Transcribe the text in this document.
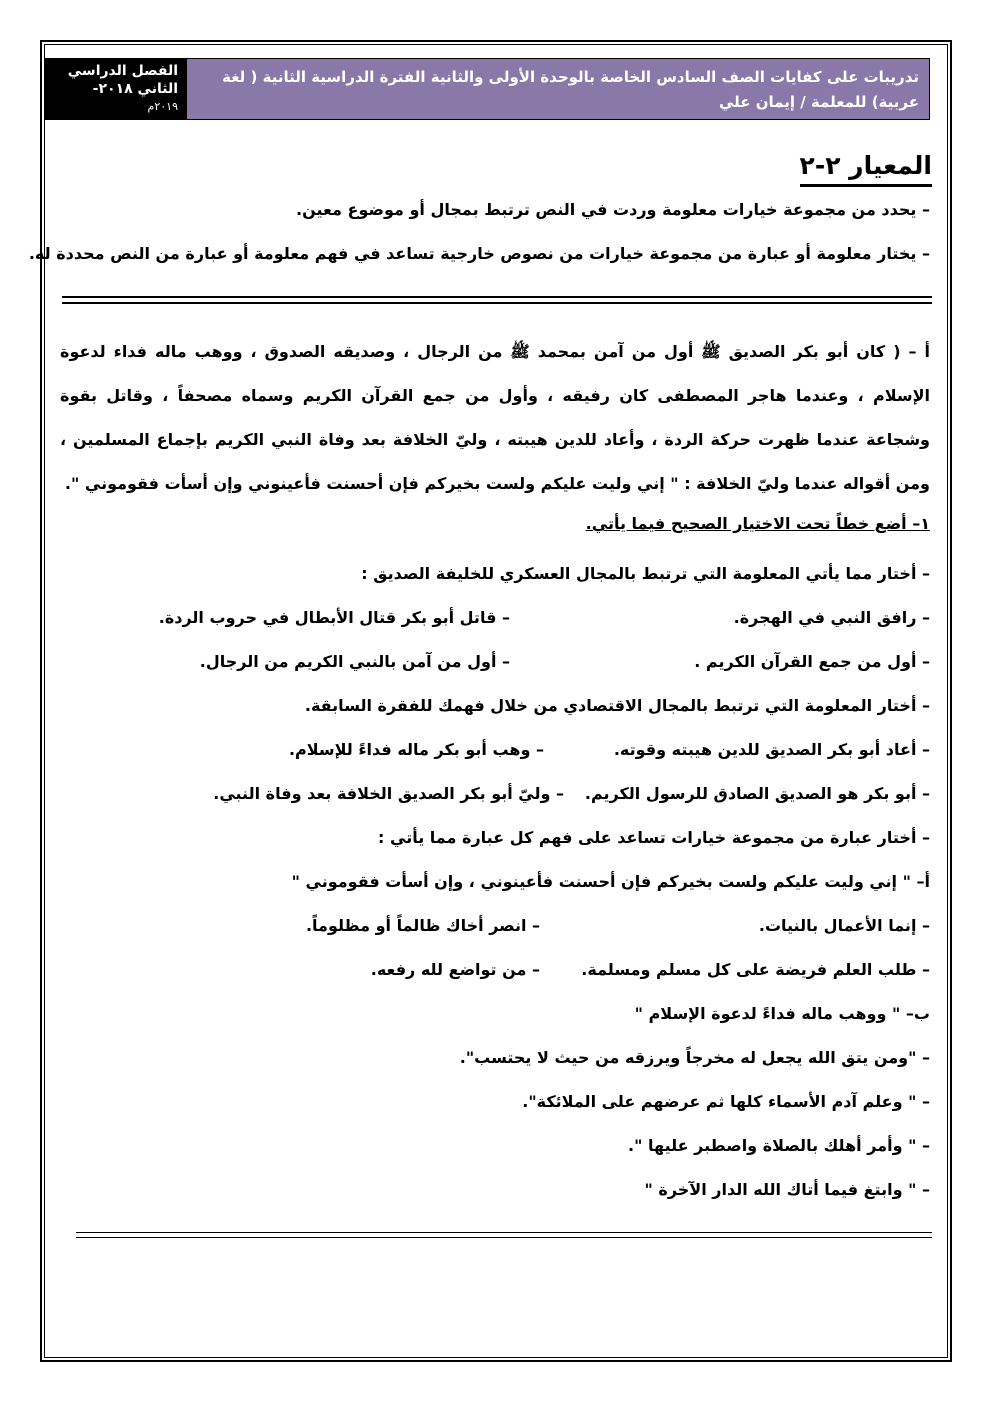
تدريبات على كفايات الصف السادس الخاصة بالوحدة الأولى والثانية الفترة الدراسية الثانية ( لغة عربية) للمعلمة / إيمان علي
الفصل الدراسي
الثاني ٢٠١٨-
٢٠١٩م
المعيار ٢-٢
– يحدد من مجموعة خيارات معلومة وردت في النص ترتبط بمجال أو موضوع معين.
– يختار معلومة أو عبارة من مجموعة خيارات من نصوص خارجية تساعد في فهم معلومة أو عبارة من النص محددة له.
أ – ( كان أبو بكر الصديق ﷺ أول من آمن بمحمد ﷺ من الرجال ، وصديقه الصدوق ، ووهب ماله فداء لدعوة الإسلام ، وعندما هاجر المصطفى كان رفيقه ، وأول من جمع القرآن الكريم وسماه مصحفاً ، وقاتل بقوة وشجاعة عندما ظهرت حركة الردة ، وأعاد للدين هيبته ، وليّ الخلافة بعد وفاة النبي الكريم بإجماع المسلمين ، ومن أقواله عندما وليّ الخلافة : " إني وليت عليكم ولست بخيركم فإن أحسنت فأعينوني وإن أسأت فقوموني ".
١– أضع خطاً تحت الاختيار الصحيح فيما يأتي.
– أختار مما يأتي المعلومة التي ترتبط بالمجال العسكري للخليفة الصديق :
– رافق النبي في الهجرة.
– قاتل أبو بكر قتال الأبطال في حروب الردة.
– أول من جمع القرآن الكريم .
– أول من آمن بالنبي الكريم من الرجال.
– أختار المعلومة التي ترتبط بالمجال الاقتصادي من خلال فهمك للفقرة السابقة.
– أعاد أبو بكر الصديق للدين هيبته وقوته.
– وهب أبو بكر ماله فداءً للإسلام.
– أبو بكر هو الصديق الصادق للرسول الكريم.
– وليّ أبو بكر الصديق الخلافة بعد وفاة النبي.
– أختار عبارة من مجموعة خيارات تساعد على فهم كل عبارة مما يأتي :
أ– " إني وليت عليكم ولست بخيركم فإن أحسنت فأعينوني ، وإن أسأت فقوموني "
– إنما الأعمال بالنيات.
– انصر أخاك ظالماً أو مظلوماً.
– طلب العلم فريضة على كل مسلم ومسلمة.
– من تواضع لله رفعه.
ب– " ووهب ماله فداءً لدعوة الإسلام "
– "ومن يتق الله يجعل له مخرجاً ويرزقه من حيث لا يحتسب".
– " وعلم آدم الأسماء كلها ثم عرضهم على الملائكة".
– " وأمر أهلك بالصلاة واصطبر عليها ".
– " وابتغ فيما أتاك الله الدار الآخرة "
